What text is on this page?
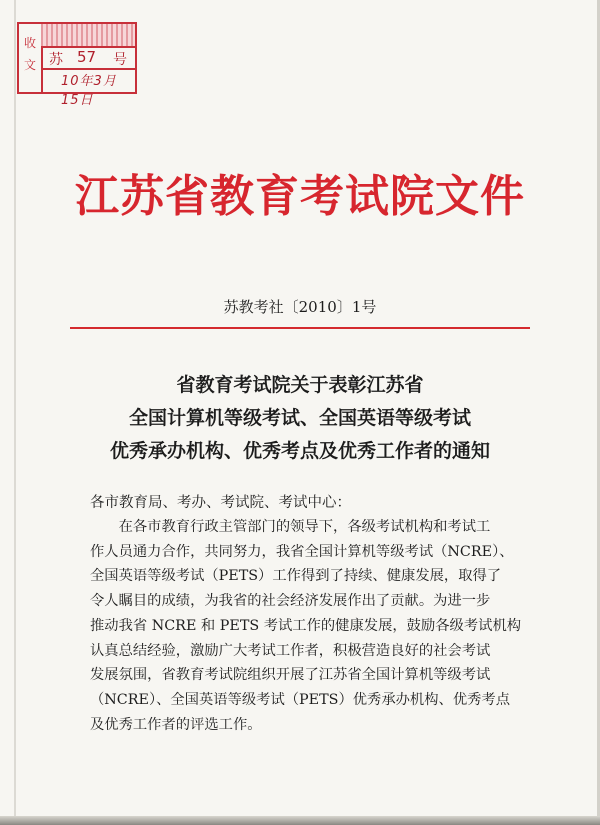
收
文 苏 57 号
10年3月15日
江苏省教育考试院文件
苏教考社〔2010〕1号
省教育考试院关于表彰江苏省
全国计算机等级考试、全国英语等级考试
优秀承办机构、优秀考点及优秀工作者的通知
各市教育局、考办、考试院、考试中心：
　　在各市教育行政主管部门的领导下，各级考试机构和考试工
作人员通力合作，共同努力，我省全国计算机等级考试（NCRE）、
全国英语等级考试（PETS）工作得到了持续、健康发展，取得了
令人瞩目的成绩，为我省的社会经济发展作出了贡献。为进一步
推动我省 NCRE 和 PETS 考试工作的健康发展，鼓励各级考试机构
认真总结经验，激励广大考试工作者，积极营造良好的社会考试
发展氛围，省教育考试院组织开展了江苏省全国计算机等级考试
（NCRE）、全国英语等级考试（PETS）优秀承办机构、优秀考点
及优秀工作者的评选工作。
